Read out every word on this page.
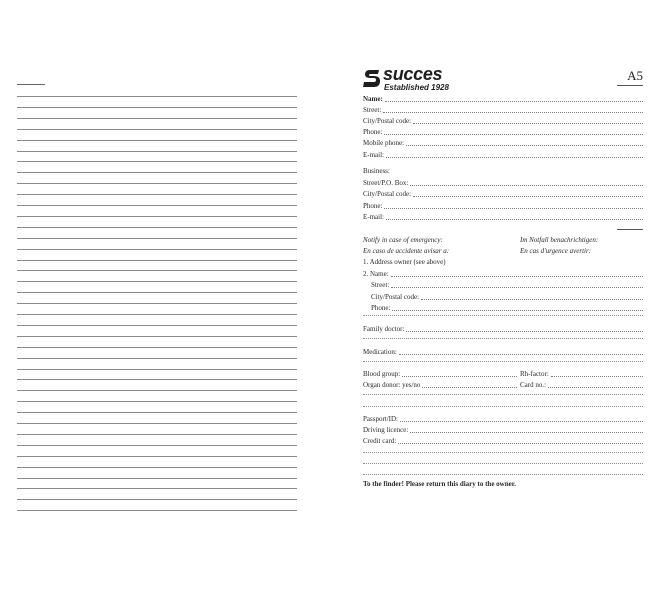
succes
Established 1928
A5
Name:
Street:
City/Postal code:
Phone:
Mobile phone:
E-mail:
Business:
Street/P.O. Box:
City/Postal code:
Phone:
E-mail:
Notify in case of emergency:	Im Notfall benachrichtigen:
En caso de accidente avisar a:	En cas d'urgence avertir:
1. Address owner (see above)
2. Name:
Street:
City/Postal code:
Phone:
Family doctor:
Medication:
Blood group:	Rh-factor:
Organ donor: yes/no	Card no.:
Passport/ID:
Driving licence:
Credit card:
To the finder! Please return this diary to the owner.
